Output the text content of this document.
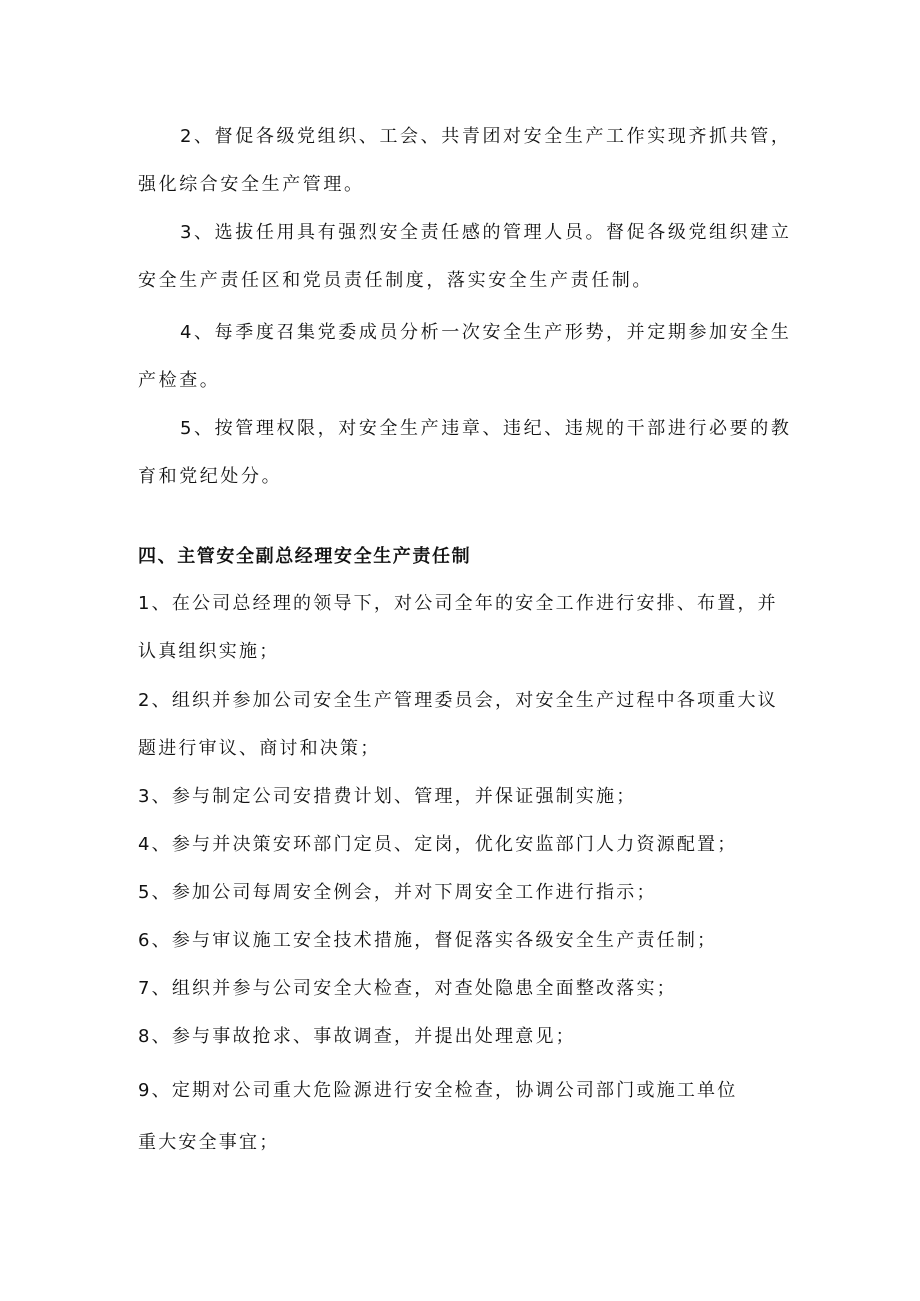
2、督促各级党组织、工会、共青团对安全生产工作实现齐抓共管，
强化综合安全生产管理。
3、选拔任用具有强烈安全责任感的管理人员。督促各级党组织建立
安全生产责任区和党员责任制度，落实安全生产责任制。
4、每季度召集党委成员分析一次安全生产形势，并定期参加安全生
产检查。
5、按管理权限，对安全生产违章、违纪、违规的干部进行必要的教
育和党纪处分。
四、主管安全副总经理安全生产责任制
1、在公司总经理的领导下，对公司全年的安全工作进行安排、布置，并
认真组织实施；
2、组织并参加公司安全生产管理委员会，对安全生产过程中各项重大议
题进行审议、商讨和决策；
3、参与制定公司安措费计划、管理，并保证强制实施；
4、参与并决策安环部门定员、定岗，优化安监部门人力资源配置；
5、参加公司每周安全例会，并对下周安全工作进行指示；
6、参与审议施工安全技术措施，督促落实各级安全生产责任制；
7、组织并参与公司安全大检查，对查处隐患全面整改落实；
8、参与事故抢求、事故调查，并提出处理意见；
9、定期对公司重大危险源进行安全检查，协调公司部门或施工单位
重大安全事宜；
